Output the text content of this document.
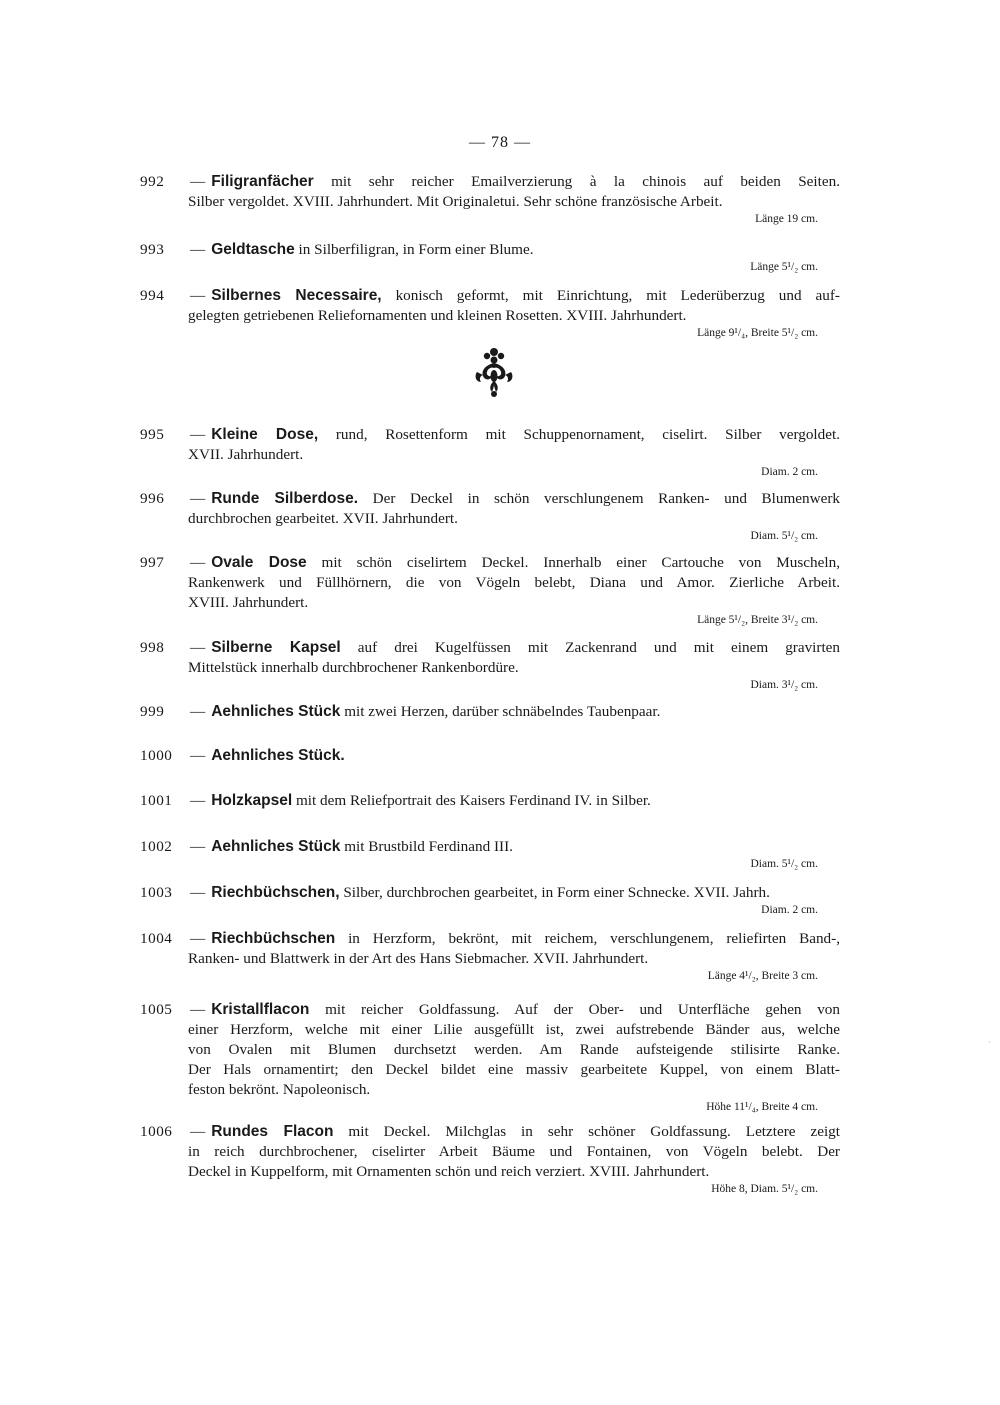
— 78 —
992 — Filigranfächer mit sehr reicher Emailverzierung à la chinois auf beiden Seiten.
Silber vergoldet. XVIII. Jahrhundert. Mit Originaletui. Sehr schöne französische Arbeit.
Länge 19 cm.
993 — Geldtasche in Silberfiligran, in Form einer Blume.
Länge 5¹/₂ cm.
994 — Silbernes Necessaire, konisch geformt, mit Einrichtung, mit Lederüberzug und auf-
gelegten getriebenen Reliefornamenten und kleinen Rosetten. XVIII. Jahrhundert.
Länge 9¹/₄, Breite 5¹/₂ cm.
995 — Kleine Dose, rund, Rosettenform mit Schuppenornament, ciselirt. Silber vergoldet.
XVII. Jahrhundert.
Diam. 2 cm.
996 — Runde Silberdose. Der Deckel in schön verschlungenem Ranken- und Blumenwerk
durchbrochen gearbeitet. XVII. Jahrhundert.
Diam. 5¹/₂ cm.
997 — Ovale Dose mit schön ciselirtem Deckel. Innerhalb einer Cartouche von Muscheln,
Rankenwerk und Füllhörnern, die von Vögeln belebt, Diana und Amor. Zierliche Arbeit.
XVIII. Jahrhundert.
Länge 5¹/₂, Breite 3¹/₂ cm.
998 — Silberne Kapsel auf drei Kugelfüssen mit Zackenrand und mit einem gravirten
Mittelstück innerhalb durchbrochener Rankenbordüre.
Diam. 3¹/₂ cm.
999 — Aehnliches Stück mit zwei Herzen, darüber schnäbelndes Taubenpaar.
1000 — Aehnliches Stück.
1001 — Holzkapsel mit dem Reliefportrait des Kaisers Ferdinand IV. in Silber.
1002 — Aehnliches Stück mit Brustbild Ferdinand III.
Diam. 5¹/₂ cm.
1003 — Riechbüchschen, Silber, durchbrochen gearbeitet, in Form einer Schnecke. XVII. Jahrh.
Diam. 2 cm.
1004 — Riechbüchschen in Herzform, bekrönt, mit reichem, verschlungenem, reliefirten Band-,
Ranken- und Blattwerk in der Art des Hans Siebmacher. XVII. Jahrhundert.
Länge 4¹/₂, Breite 3 cm.
1005 — Kristallflacon mit reicher Goldfassung. Auf der Ober- und Unterfläche gehen von
einer Herzform, welche mit einer Lilie ausgefüllt ist, zwei aufstrebende Bänder aus, welche
von Ovalen mit Blumen durchsetzt werden. Am Rande aufsteigende stilisirte Ranke.
Der Hals ornamentirt; den Deckel bildet eine massiv gearbeitete Kuppel, von einem Blatt-
feston bekrönt. Napoleonisch.
Höhe 11¹/₄, Breite 4 cm.
1006 — Rundes Flacon mit Deckel. Milchglas in sehr schöner Goldfassung. Letztere zeigt
in reich durchbrochener, ciselirter Arbeit Bäume und Fontainen, von Vögeln belebt. Der
Deckel in Kuppelform, mit Ornamenten schön und reich verziert. XVIII. Jahrhundert.
Höhe 8, Diam. 5¹/₂ cm.
`
